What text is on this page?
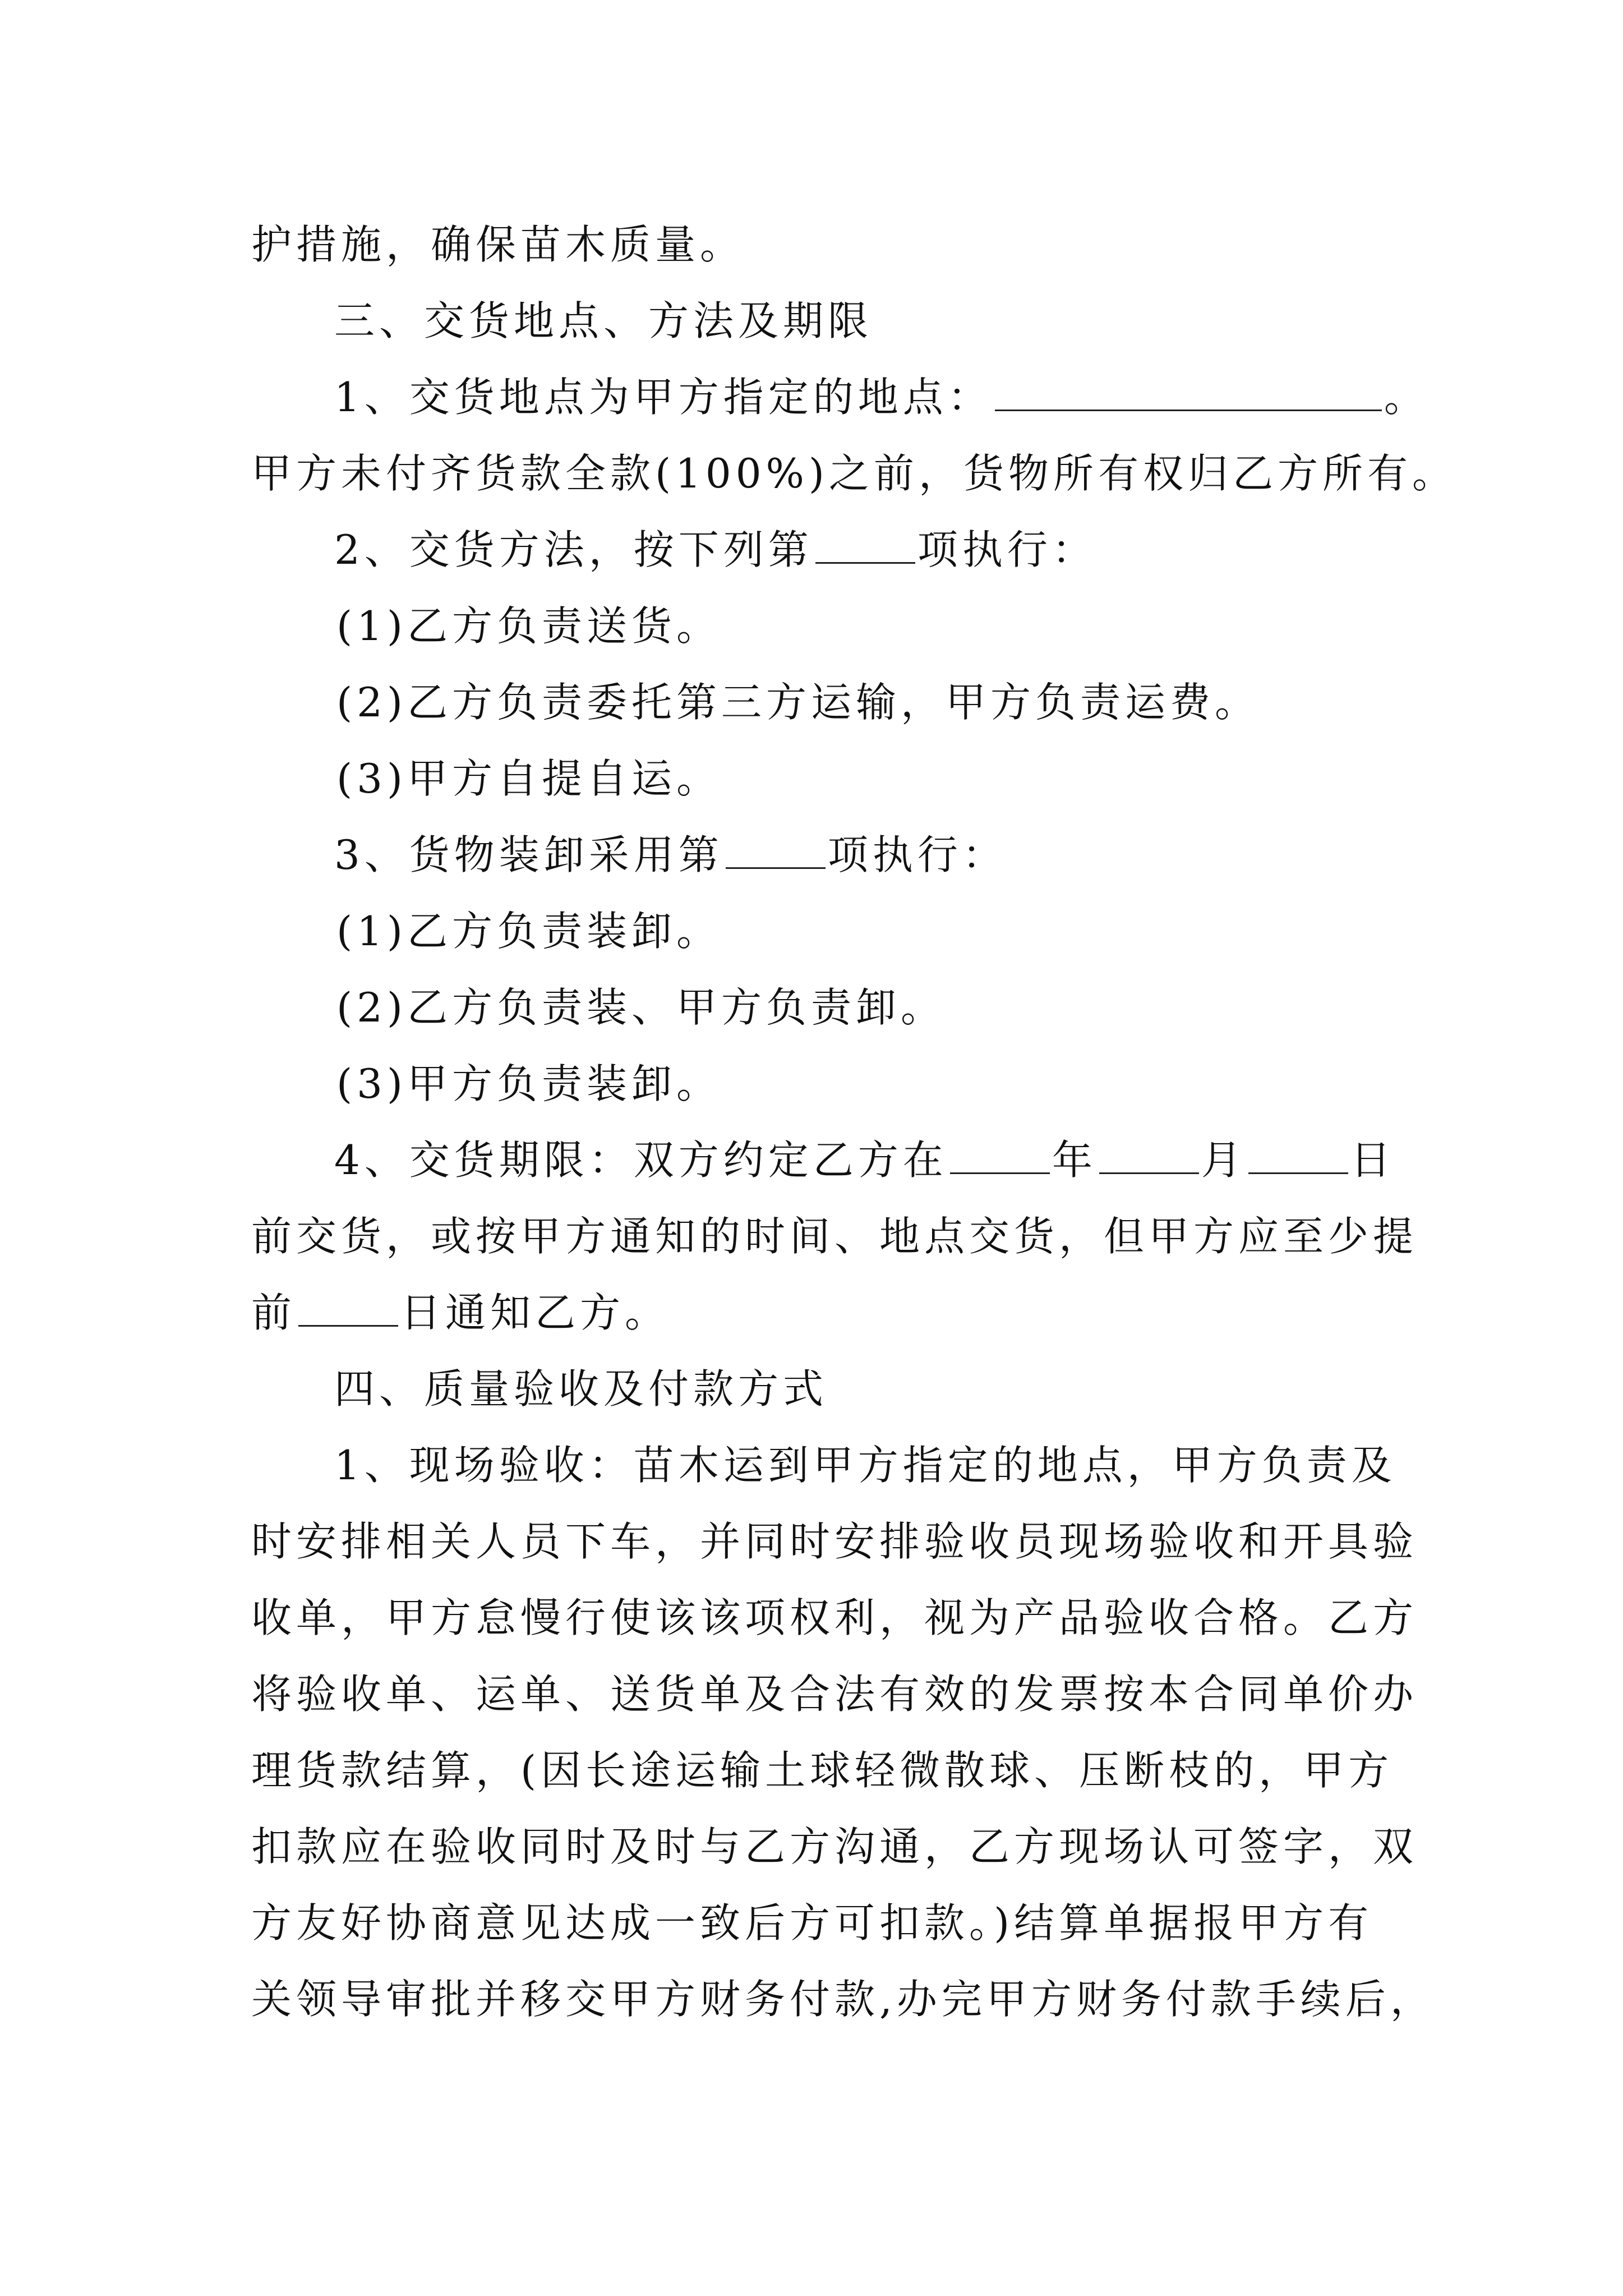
护措施，确保苗木质量。
三、交货地点、方法及期限
1、交货地点为甲方指定的地点：	。
甲方未付齐货款全款(100%)之前，货物所有权归乙方所有。
2、交货方法，按下列第	项执行：
(1)乙方负责送货。
(2)乙方负责委托第三方运输，甲方负责运费。
(3)甲方自提自运。
3、货物装卸采用第	项执行：
(1)乙方负责装卸。
(2)乙方负责装、甲方负责卸。
(3)甲方负责装卸。
4、交货期限：双方约定乙方在	年	月	日
前交货，或按甲方通知的时间、地点交货，但甲方应至少提
前	日通知乙方。
四、质量验收及付款方式
1、现场验收：苗木运到甲方指定的地点，甲方负责及
时安排相关人员下车，并同时安排验收员现场验收和开具验
收单，甲方怠慢行使该该项权利，视为产品验收合格。乙方
将验收单、运单、送货单及合法有效的发票按本合同单价办
理货款结算，(因长途运输土球轻微散球、压断枝的，甲方
扣款应在验收同时及时与乙方沟通，乙方现场认可签字，双
方友好协商意见达成一致后方可扣款。)结算单据报甲方有
关领导审批并移交甲方财务付款,办完甲方财务付款手续后，
